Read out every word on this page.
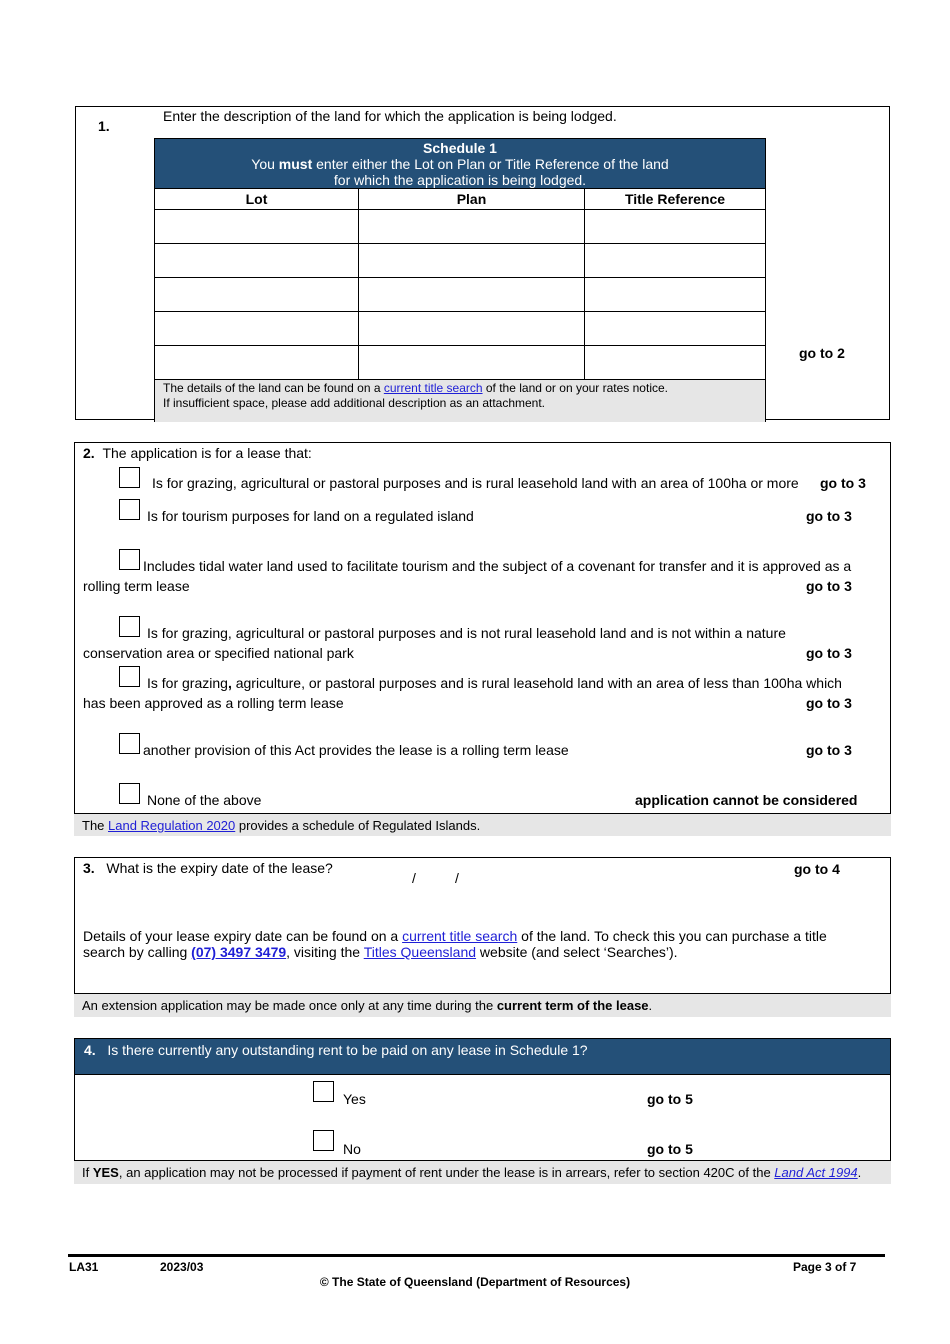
1.
Enter the description of the land for which the application is being lodged.
Schedule 1
You must enter either the Lot on Plan or Title Reference of the land
for which the application is being lodged.		

Lot	Plan	Title Reference

The details of the land can be found on a current title search of the land or on your rates notice.
If insufficient space, please add additional description as an attachment.		
go to 2
2. The application is for a lease that:
Is for grazing, agricultural or pastoral purposes and is rural leasehold land with an area of 100ha or more go to 3
Is for tourism purposes for land on a regulated island	go to 3
Includes tidal water land used to facilitate tourism and the subject of a covenant for transfer and it is approved as a
rolling term lease	go to 3
Is for grazing, agricultural or pastoral purposes and is not rural leasehold land and is not within a nature
conservation area or specified national park	go to 3
Is for grazing, agriculture, or pastoral purposes and is rural leasehold land with an area of less than 100ha which
has been approved as a rolling term lease	go to 3
another provision of this Act provides the lease is a rolling term lease	go to 3
None of the above	application cannot be considered
The Land Regulation 2020 provides a schedule of Regulated Islands.
3. What is the expiry date of the lease?
/	/
go to 4
Details of your lease expiry date can be found on a current title search of the land. To check this you can purchase a title
search by calling (07) 3497 3479, visiting the Titles Queensland website (and select ‘Searches’).
An extension application may be made once only at any time during the current term of the lease.
4. Is there currently any outstanding rent to be paid on any lease in Schedule 1?
Yes	go to 5
No	go to 5
If YES, an application may not be processed if payment of rent under the lease is in arrears, refer to section 420C of the Land Act 1994.
LA31	2023/03	Page 3 of 7
© The State of Queensland (Department of Resources)
